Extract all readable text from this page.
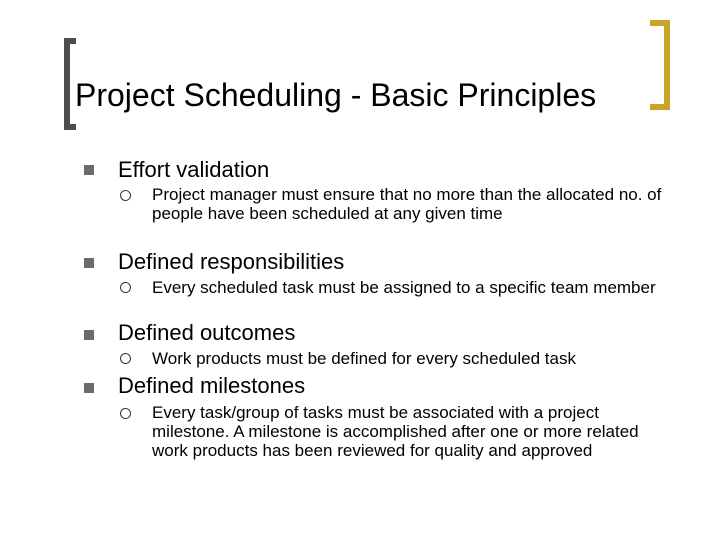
Project Scheduling - Basic Principles
Effort validation
Project manager must ensure that no more than the allocated no. of people have been scheduled at any given time
Defined responsibilities
Every scheduled task must be assigned to a specific team member
Defined outcomes
Work products must be defined for every scheduled task
Defined milestones
Every task/group of tasks must be associated with a project milestone. A milestone is accomplished after one or more related work products has been reviewed for quality and approved
